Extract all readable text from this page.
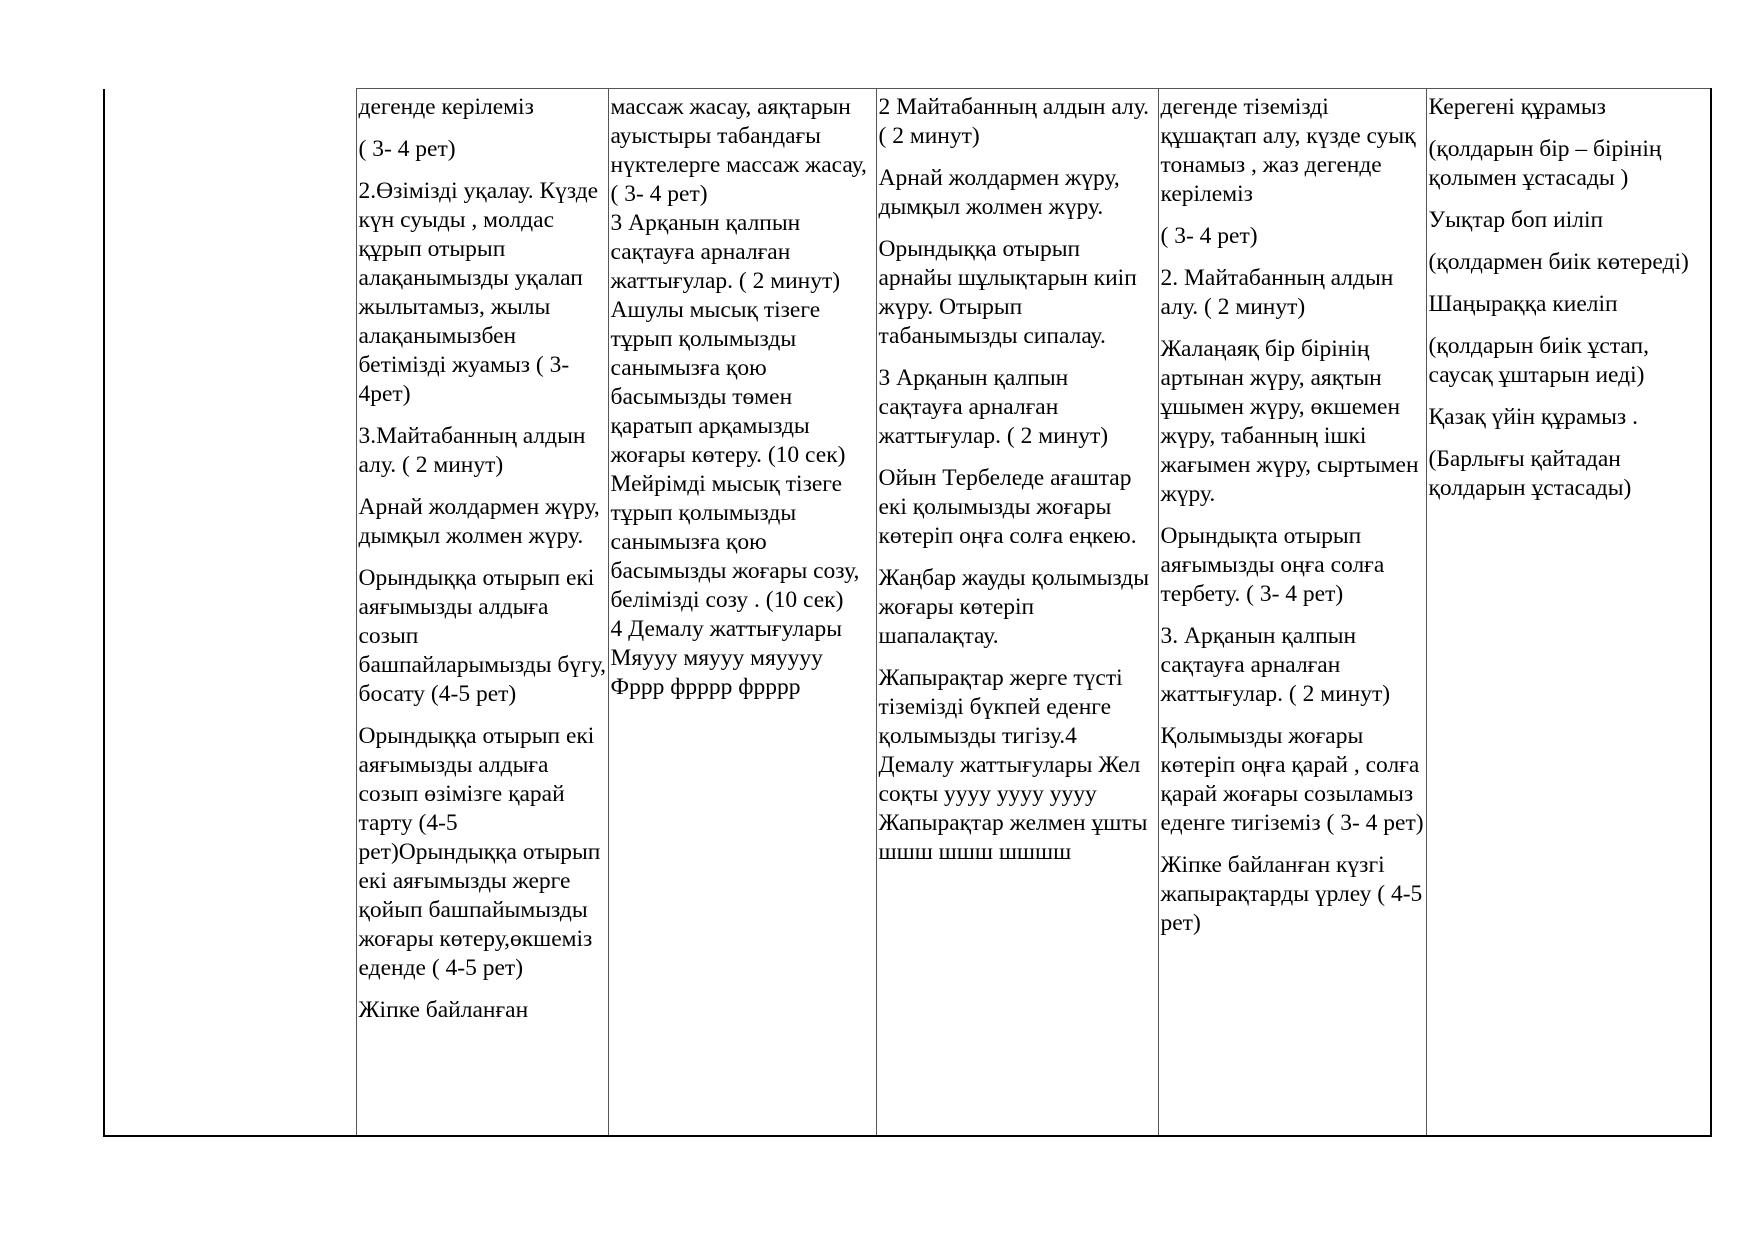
дегенде керілеміз
( 3- 4 рет)
2.Өзімізді уқалау. Күзде күн суыды , молдас құрып отырып алақанымызды уқалап жылытамыз, жылы алақанымызбен бетімізді жуамыз ( 3-4рет)
3.Майтабанның алдын алу. ( 2 минут)
Арнай жолдармен жүру, дымқыл жолмен жүру.
Орындыққа отырып екі аяғымызды алдыға созып башпайларымызды бүгу, босату (4-5 рет)
Орындыққа отырып екі аяғымызды алдыға созып өзімізге қарай тарту (4-5 рет)Орындыққа отырып екі аяғымызды жерге қойып башпайымызды жоғары көтеру,өкшеміз еденде ( 4-5 рет)
Жіпке байланған

массаж жасау, аяқтарын ауыстыры табандағы нүктелерге массаж жасау, ( 3- 4 рет)
3 Арқанын қалпын сақтауға арналған жаттығулар. ( 2 минут) Ашулы мысық тізеге тұрып қолымызды санымызға қою басымызды төмен қаратып арқамызды жоғары көтеру. (10 сек) Мейрімді мысық тізеге тұрып қолымызды санымызға қою басымызды жоғары созу, белімізді созу . (10 сек)
4 Демалу жаттығулары Мяууу мяууу мяуууу Фррр фрррр фрррр

2 Майтабанның алдын алу. ( 2 минут)
Арнай жолдармен жүру, дымқыл жолмен жүру.
Орындыққа отырып арнайы шұлықтарын киіп жүру. Отырып табанымызды сипалау.
3 Арқанын қалпын сақтауға арналған жаттығулар. ( 2 минут)
Ойын Тербеледе ағаштар екі қолымызды жоғары көтеріп оңға солға еңкею.
Жаңбар жауды қолымызды жоғары көтеріп шапалақтау.
Жапырақтар жерге түсті тіземізді бүкпей еденге қолымызды тигізу.4 Демалу жаттығулары Жел соқты уууу уууу уууу Жапырақтар желмен ұшты шшш шшш шшшш

дегенде тіземізді құшақтап алу, күзде суық тонамыз , жаз дегенде керілеміз
( 3- 4 рет)
2. Майтабанның алдын алу. ( 2 минут)
Жалаңаяқ бір бірінің артынан жүру, аяқтын ұшымен жүру, өкшемен жүру, табанның ішкі жағымен жүру, сыртымен жүру.
Орындықта отырып аяғымызды оңға солға тербету. ( 3- 4 рет)
3. Арқанын қалпын сақтауға арналған жаттығулар. ( 2 минут)
Қолымызды жоғары көтеріп оңға қарай , солға қарай жоғары созыламыз еденге тигіземіз ( 3- 4 рет)
Жіпке байланған күзгі жапырақтарды үрлеу ( 4-5 рет)

Керегені құрамыз
(қолдарын бір – бірінің қолымен ұстасады )
Уықтар боп иіліп
(қолдармен биік көтереді)
Шаңыраққа киеліп
(қолдарын биік ұстап, саусақ ұштарын иеді)
Қазақ үйін құрамыз .
(Барлығы қайтадан қолдарын ұстасады)
